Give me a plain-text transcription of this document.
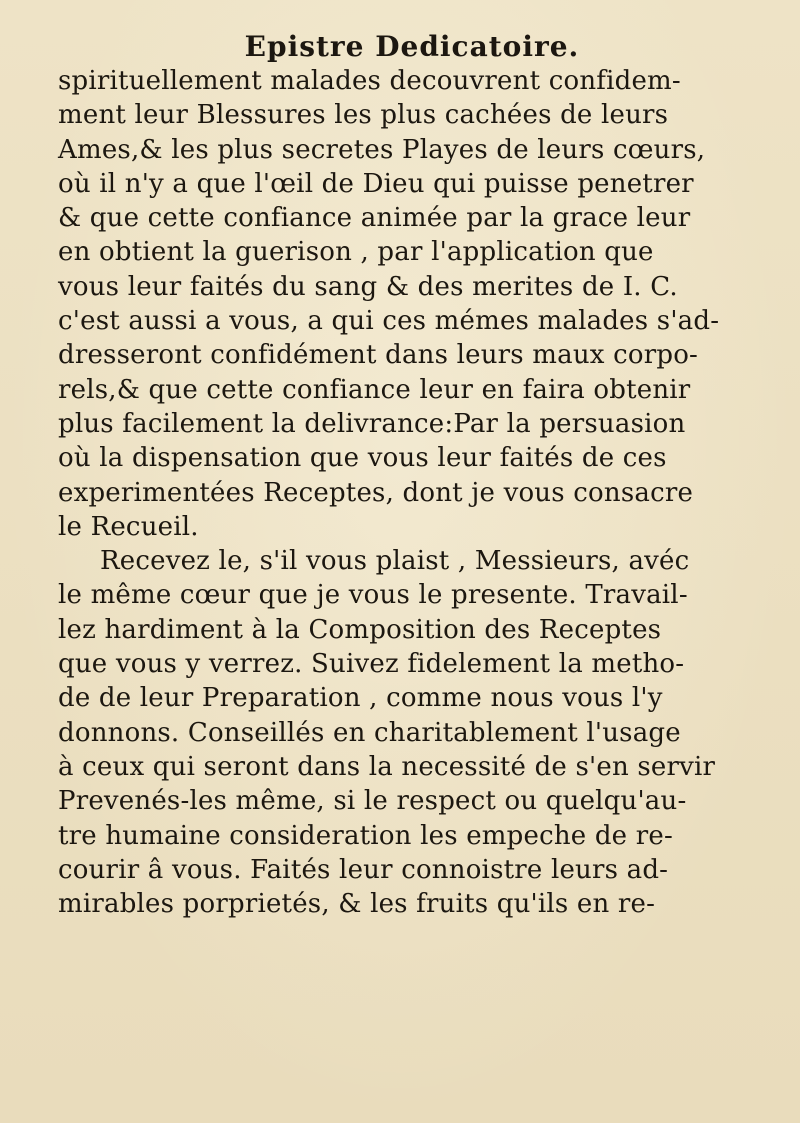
Epistre Dedicatoire.
spirituellement malades decouvrent confidem-
ment leur Blessures les plus cachées de leurs
Ames,& les plus secretes Playes de leurs cœurs,
où il n'y a que l'œil de Dieu qui puisse penetrer
& que cette confiance animée par la grace leur
en obtient la guerison , par l'application que
vous leur faités du sang & des merites de I. C.
c'est aussi a vous, a qui ces mémes malades s'ad-
dresseront confidément dans leurs maux corpo-
rels,& que cette confiance leur en faira obtenir
plus facilement la delivrance:Par la persuasion
où la dispensation que vous leur faités de ces
experimentées Receptes, dont je vous consacre
le Recueil.
Recevez le, s'il vous plaist , Messieurs, avéc
le même cœur que je vous le presente. Travail-
lez hardiment à la Composition des Receptes
que vous y verrez. Suivez fidelement la metho-
de de leur Preparation , comme nous vous l'y
donnons. Conseillés en charitablement l'usage
à ceux qui seront dans la necessité de s'en servir
Prevenés-les même, si le respect ou quelqu'au-
tre humaine consideration les empeche de re-
courir â vous. Faités leur connoistre leurs ad-
mirables porprietés, & les fruits qu'ils en re-
